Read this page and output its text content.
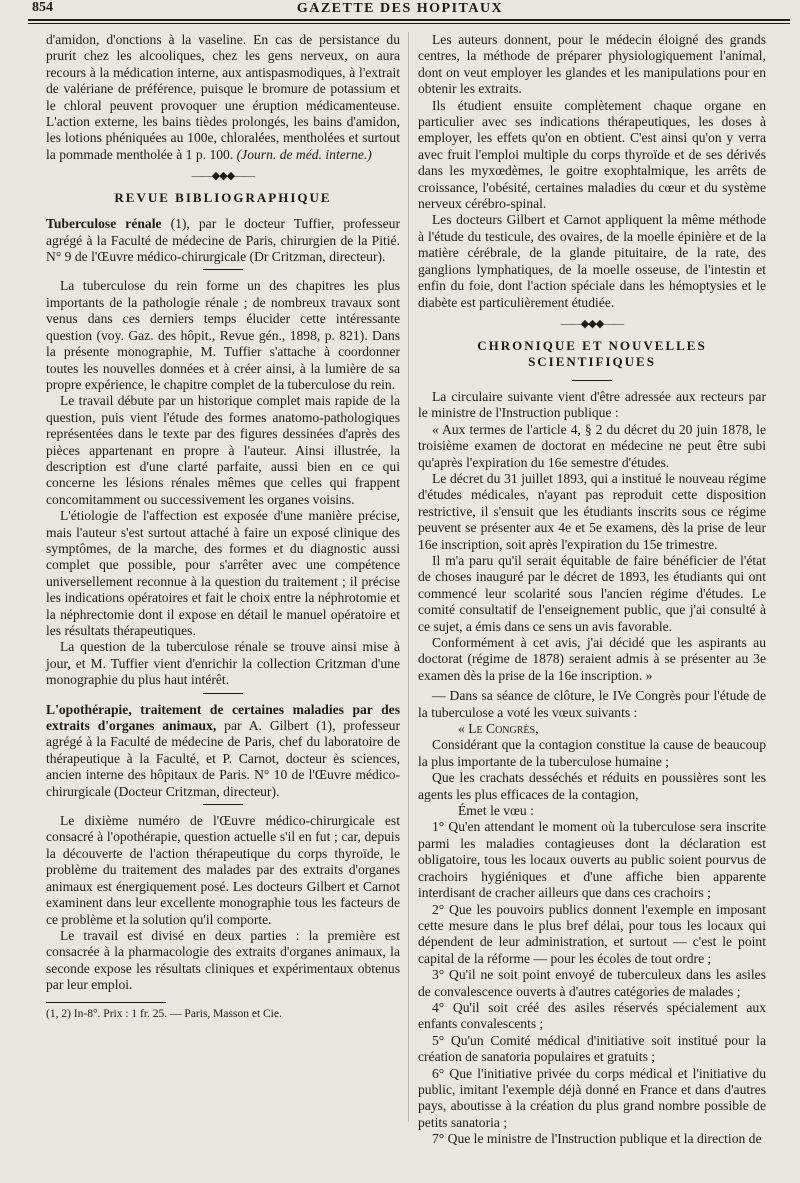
854	GAZETTE DES HOPITAUX

d'amidon, d'onctions à la vaseline. En cas de persistance du prurit chez les alcooliques, chez les gens nerveux, on aura recours à la médication interne, aux antispasmodiques, à l'extrait de valériane de préférence, puisque le bromure de potassium et le chloral peuvent provoquer une éruption médicamenteuse. L'action externe, les bains tièdes prolongés, les bains d'amidon, les lotions phéniquées au 100e, chloralées, mentholées et surtout la pommade mentholée à 1 p. 100. (Journ. de méd. interne.)

——◆◆◆——
REVUE BIBLIOGRAPHIQUE

Tuberculose rénale (1), par le docteur Tuffier, professeur agrégé à la Faculté de médecine de Paris, chirurgien de la Pitié. N° 9 de l'Œuvre médico-chirurgicale (Dr Critzman, directeur).

La tuberculose du rein forme un des chapitres les plus importants de la pathologie rénale ; de nombreux travaux sont venus dans ces derniers temps élucider cette intéressante question (voy. Gaz. des hôpit., Revue gén., 1898, p. 821). Dans la présente monographie, M. Tuffier s'attache à coordonner toutes les nouvelles données et à créer ainsi, à la lumière de sa propre expérience, le chapitre complet de la tuberculose du rein.

Le travail débute par un historique complet mais rapide de la question, puis vient l'étude des formes anatomo-pathologiques représentées dans le texte par des figures dessinées d'après des pièces appartenant en propre à l'auteur. Ainsi illustrée, la description est d'une clarté parfaite, aussi bien en ce qui concerne les lésions rénales mêmes que celles qui frappent concomitamment ou successivement les organes voisins.

L'étiologie de l'affection est exposée d'une manière précise, mais l'auteur s'est surtout attaché à faire un exposé clinique des symptômes, de la marche, des formes et du diagnostic aussi complet que possible, pour s'arrêter avec une compétence universellement reconnue à la question du traitement ; il précise les indications opératoires et fait le choix entre la néphrotomie et la néphrectomie dont il expose en détail le manuel opératoire et les résultats thérapeutiques.

La question de la tuberculose rénale se trouve ainsi mise à jour, et M. Tuffier vient d'enrichir la collection Critzman d'une monographie du plus haut intérêt.

L'opothérapie, traitement de certaines maladies par des extraits d'organes animaux, par A. Gilbert (1), professeur agrégé à la Faculté de médecine de Paris, chef du laboratoire de thérapeutique à la Faculté, et P. Carnot, docteur ès sciences, ancien interne des hôpitaux de Paris. N° 10 de l'Œuvre médico-chirurgicale (Docteur Critzman, directeur).

Le dixième numéro de l'Œuvre médico-chirurgicale est consacré à l'opothérapie, question actuelle s'il en fut ; car, depuis la découverte de l'action thérapeutique du corps thyroïde, le problème du traitement des malades par des extraits d'organes animaux est énergiquement posé. Les docteurs Gilbert et Carnot examinent dans leur excellente monographie tous les facteurs de ce problème et la solution qu'il comporte.

Le travail est divisé en deux parties : la première est consacrée à la pharmacologie des extraits d'organes animaux, la seconde expose les résultats cliniques et expérimentaux obtenus par leur emploi.

(1, 2) In-8°. Prix : 1 fr. 25. — Paris, Masson et Cie.

Les auteurs donnent, pour le médecin éloigné des grands centres, la méthode de préparer physiologiquement l'animal, dont on veut employer les glandes et les manipulations pour en obtenir les extraits.

Ils étudient ensuite complètement chaque organe en particulier avec ses indications thérapeutiques, les doses à employer, les effets qu'on en obtient. C'est ainsi qu'on y verra avec fruit l'emploi multiple du corps thyroïde et de ses dérivés dans les myxœdèmes, le goitre exophtalmique, les arrêts de croissance, l'obésité, certaines maladies du cœur et du système nerveux cérébro-spinal.

Les docteurs Gilbert et Carnot appliquent la même méthode à l'étude du testicule, des ovaires, de la moelle épinière et de la matière cérébrale, de la glande pituitaire, de la rate, des ganglions lymphatiques, de la moelle osseuse, de l'intestin et enfin du foie, dont l'action spéciale dans les hémoptysies et le diabète est particulièrement étudiée.

——◆◆◆——
CHRONIQUE ET NOUVELLES SCIENTIFIQUES

La circulaire suivante vient d'être adressée aux recteurs par le ministre de l'Instruction publique :

« Aux termes de l'article 4, § 2 du décret du 20 juin 1878, le troisième examen de doctorat en médecine ne peut être subi qu'après l'expiration du 16e semestre d'études.

Le décret du 31 juillet 1893, qui a institué le nouveau régime d'études médicales, n'ayant pas reproduit cette disposition restrictive, il s'ensuit que les étudiants inscrits sous ce régime peuvent se présenter aux 4e et 5e examens, dès la prise de leur 16e inscription, soit après l'expiration du 15e trimestre.

Il m'a paru qu'il serait équitable de faire bénéficier de l'état de choses inauguré par le décret de 1893, les étudiants qui ont commencé leur scolarité sous l'ancien régime d'études. Le comité consultatif de l'enseignement public, que j'ai consulté à ce sujet, a émis dans ce sens un avis favorable.

Conformément à cet avis, j'ai décidé que les aspirants au doctorat (régime de 1878) seraient admis à se présenter au 3e examen dès la prise de la 16e inscription. »

— Dans sa séance de clôture, le IVe Congrès pour l'étude de la tuberculose a voté les vœux suivants :

« Le Congrès,

Considérant que la contagion constitue la cause de beaucoup la plus importante de la tuberculose humaine ;

Que les crachats desséchés et réduits en poussières sont les agents les plus efficaces de la contagion,

Émet le vœu :

1° Qu'en attendant le moment où la tuberculose sera inscrite parmi les maladies contagieuses dont la déclaration est obligatoire, tous les locaux ouverts au public soient pourvus de crachoirs hygiéniques et d'une affiche bien apparente interdisant de cracher ailleurs que dans ces crachoirs ;

2° Que les pouvoirs publics donnent l'exemple en imposant cette mesure dans le plus bref délai, pour tous les locaux qui dépendent de leur administration, et surtout — c'est le point capital de la réforme — pour les écoles de tout ordre ;

3° Qu'il ne soit point envoyé de tuberculeux dans les asiles de convalescence ouverts à d'autres catégories de malades ;

4° Qu'il soit créé des asiles réservés spécialement aux enfants convalescents ;

5° Qu'un Comité médical d'initiative soit institué pour la création de sanatoria populaires et gratuits ;

6° Que l'initiative privée du corps médical et l'initiative du public, imitant l'exemple déjà donné en France et dans d'autres pays, aboutisse à la création du plus grand nombre possible de petits sanatoria ;

7° Que le ministre de l'Instruction publique et la direction de
